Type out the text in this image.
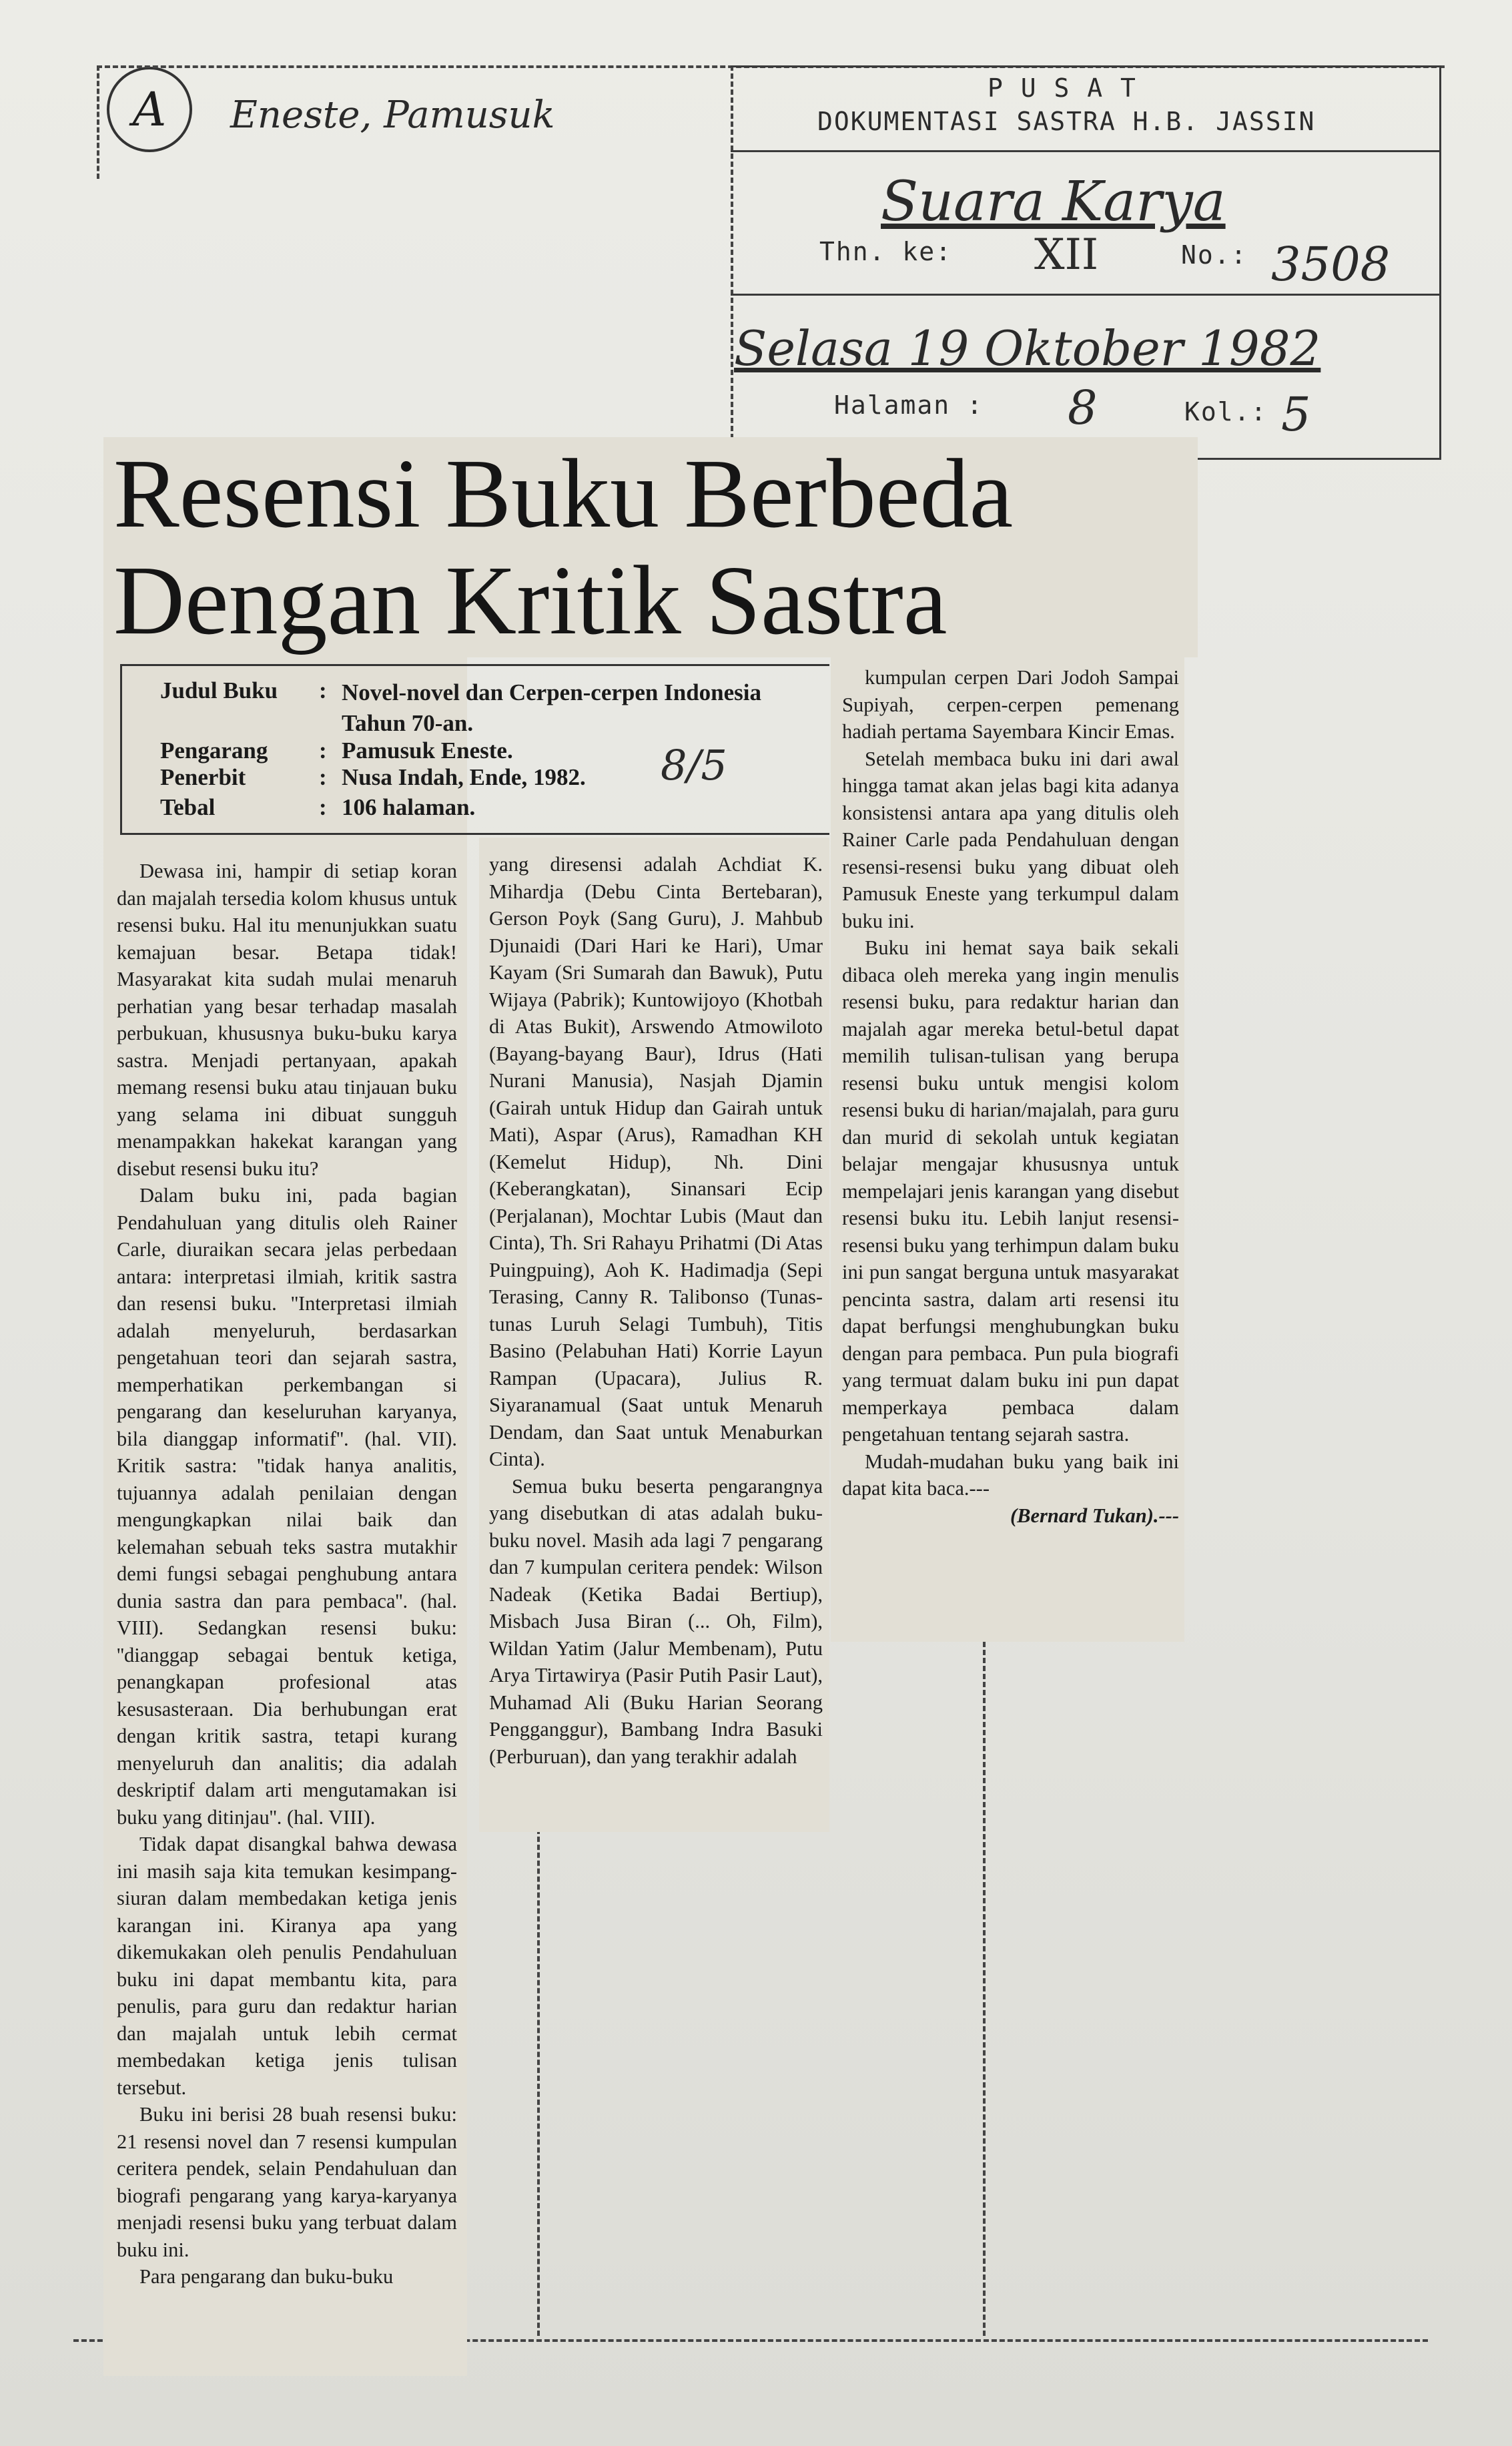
A	Eneste, Pamusuk
P U S A T
DOKUMENTASI SASTRA H.B. JASSIN
Suara Karya
Thn. ke: XII	No.: 3508
Selasa 19 Oktober 1982
Halaman : 8	Kol.: 5
Resensi Buku Berbeda
Dengan Kritik Sastra
Judul Buku : Novel-novel dan Cerpen-cerpen Indonesia Tahun 70-an.
Pengarang : Pamusuk Eneste.
Penerbit	: Nusa Indah, Ende, 1982.
Tebal	: 106 halaman.
8/5

Dewasa ini, hampir di setiap koran dan majalah tersedia kolom khusus untuk resensi buku. Hal itu menunjukkan suatu kemajuan besar. Betapa tidak! Masyarakat kita sudah mulai menaruh perhatian yang besar terhadap masalah perbukuan, khususnya buku-buku karya sastra. Menjadi pertanyaan, apakah memang resensi buku atau tinjauan buku yang selama ini dibuat sungguh menampakkan hakekat karangan yang disebut resensi buku itu?

Dalam buku ini, pada bagian Pendahuluan yang ditulis oleh Rainer Carle, diuraikan secara jelas perbedaan antara: interpretasi ilmiah, kritik sastra dan resensi buku. ''Interpretasi ilmiah adalah menyeluruh, berdasarkan pengetahuan teori dan sejarah sastra, memperhatikan perkembangan si pengarang dan keseluruhan karyanya, bila dianggap informatif''. (hal. VII). Kritik sastra: ''tidak hanya analitis, tujuannya adalah penilaian dengan mengungkapkan nilai baik dan kelemahan sebuah teks sastra mutakhir demi fungsi sebagai penghubung antara dunia sastra dan para pembaca''. (hal. VIII). Sedangkan resensi buku: ''dianggap sebagai bentuk ketiga, penangkapan profesional atas kesusasteraan. Dia berhubungan erat dengan kritik sastra, tetapi kurang menyeluruh dan analitis; dia adalah deskriptif dalam arti mengutamakan isi buku yang ditinjau''. (hal. VIII).

Tidak dapat disangkal bahwa dewasa ini masih saja kita temukan kesimpang-siuran dalam membedakan ketiga jenis karangan ini. Kiranya apa yang dikemukakan oleh penulis Pendahuluan buku ini dapat membantu kita, para penulis, para guru dan redaktur harian dan majalah untuk lebih cermat membedakan ketiga jenis tulisan tersebut.

Buku ini berisi 28 buah resensi buku: 21 resensi novel dan 7 resensi kumpulan ceritera pendek, selain Pendahuluan dan biografi pengarang yang karya-karyanya menjadi resensi buku yang terbuat dalam buku ini.

Para pengarang dan buku-buku

yang diresensi adalah Achdiat K. Mihardja (Debu Cinta Bertebaran), Gerson Poyk (Sang Guru), J. Mahbub Djunaidi (Dari Hari ke Hari), Umar Kayam (Sri Sumarah dan Bawuk), Putu Wijaya (Pabrik); Kuntowijoyo (Khotbah di Atas Bukit), Arswendo Atmowiloto (Bayang-bayang Baur), Idrus (Hati Nurani Manusia), Nasjah Djamin (Gairah untuk Hidup dan Gairah untuk Mati), Aspar (Arus), Ramadhan KH (Kemelut Hidup), Nh. Dini (Keberangkatan), Sinansari Ecip (Perjalanan), Mochtar Lubis (Maut dan Cinta), Th. Sri Rahayu Prihatmi (Di Atas Puingpuing), Aoh K. Hadimadja (Sepi Terasing, Canny R. Talibonso (Tunas-tunas Luruh Selagi Tumbuh), Titis Basino (Pelabuhan Hati) Korrie Layun Rampan (Upacara), Julius R. Siyaranamual (Saat untuk Menaruh Dendam, dan Saat untuk Menaburkan Cinta).

Semua buku beserta pengarangnya yang disebutkan di atas adalah buku-buku novel. Masih ada lagi 7 pengarang dan 7 kumpulan ceritera pendek: Wilson Nadeak (Ketika Badai Bertiup), Misbach Jusa Biran (... Oh, Film), Wildan Yatim (Jalur Membenam), Putu Arya Tirtawirya (Pasir Putih Pasir Laut), Muhamad Ali (Buku Harian Seorang Pengganggur), Bambang Indra Basuki (Perburuan), dan yang terakhir adalah

kumpulan cerpen Dari Jodoh Sampai Supiyah, cerpen-cerpen pemenang hadiah pertama Sayembara Kincir Emas.

Setelah membaca buku ini dari awal hingga tamat akan jelas bagi kita adanya konsistensi antara apa yang ditulis oleh Rainer Carle pada Pendahuluan dengan resensi-resensi buku yang dibuat oleh Pamusuk Eneste yang terkumpul dalam buku ini.

Buku ini hemat saya baik sekali dibaca oleh mereka yang ingin menulis resensi buku, para redaktur harian dan majalah agar mereka betul-betul dapat memilih tulisan-tulisan yang berupa resensi buku untuk mengisi kolom resensi buku di harian/majalah, para guru dan murid di sekolah untuk kegiatan belajar mengajar khususnya untuk mempelajari jenis karangan yang disebut resensi buku itu. Lebih lanjut resensi-resensi buku yang terhimpun dalam buku ini pun sangat berguna untuk masyarakat pencinta sastra, dalam arti resensi itu dapat berfungsi menghubungkan buku dengan para pembaca. Pun pula biografi yang termuat dalam buku ini pun dapat memperkaya pembaca dalam pengetahuan tentang sejarah sastra.

Mudah-mudahan buku yang baik ini dapat kita baca.---

(Bernard Tukan).---
